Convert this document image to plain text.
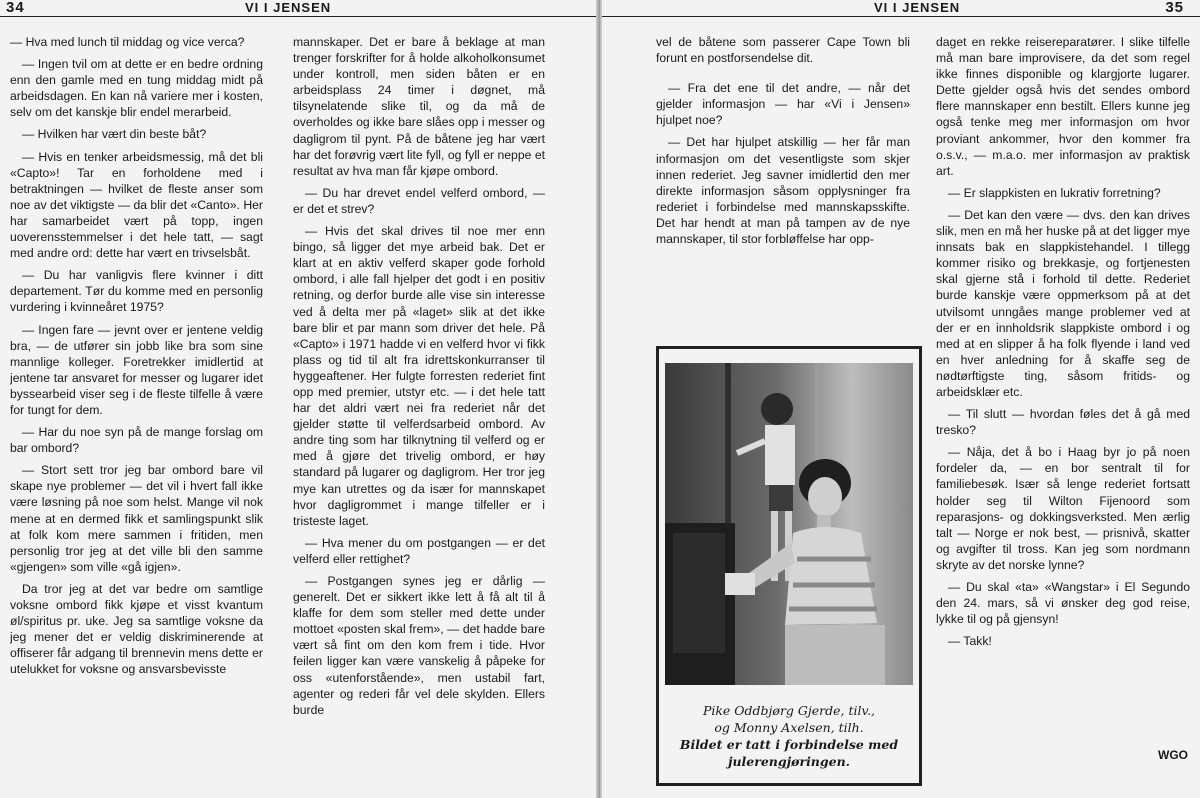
34	VI I JENSEN

— Hva med lunch til middag og vice verca?

— Ingen tvil om at dette er en bedre ordning enn den gamle med en tung middag midt på arbeidsdagen. En kan nå variere mer i kosten, selv om det kanskje blir endel merarbeid.

— Hvilken har vært din beste båt?

— Hvis en tenker arbeidsmessig, må det bli «Capto»! Tar en forholdene med i betraktningen — hvilket de fleste anser som noe av det viktigste — da blir det «Canto». Her har samarbeidet vært på topp, ingen uoverensstemmelser i det hele tatt, — sagt med andre ord: dette har vært en trivselsbåt.

— Du har vanligvis flere kvinner i ditt departement. Tør du komme med en personlig vurdering i kvinneåret 1975?

— Ingen fare — jevnt over er jentene veldig bra, — de utfører sin jobb like bra som sine mannlige kolleger. Foretrekker imidlertid at jentene tar ansvaret for messer og lugarer idet byssearbeid viser seg i de fleste tilfelle å være for tungt for dem.

— Har du noe syn på de mange forslag om bar ombord?

— Stort sett tror jeg bar ombord bare vil skape nye problemer — det vil i hvert fall ikke være løsning på noe som helst. Mange vil nok mene at en dermed fikk et samlingspunkt slik at folk kom mere sammen i fritiden, men personlig tror jeg at det ville bli den samme «gjengen» som ville «gå igjen».

Da tror jeg at det var bedre om samtlige voksne ombord fikk kjøpe et visst kvantum øl/spiritus pr. uke. Jeg sa samtlige voksne da jeg mener det er veldig diskriminerende at offiserer får adgang til brennevin mens dette er utelukket for voksne og ansvarsbevisste

mannskaper. Det er bare å beklage at man trenger forskrifter for å holde alkoholkonsumet under kontroll, men siden båten er en arbeidsplass 24 timer i døgnet, må tilsynelatende slike til, og da må de overholdes og ikke bare slåes opp i messer og dagligrom til pynt. På de båtene jeg har vært har det forøvrig vært lite fyll, og fyll er neppe et resultat av hva man får kjøpe ombord.

— Du har drevet endel velferd ombord, — er det et strev?

— Hvis det skal drives til noe mer enn bingo, så ligger det mye arbeid bak. Det er klart at en aktiv velferd skaper gode forhold ombord, i alle fall hjelper det godt i en positiv retning, og derfor burde alle vise sin interesse ved å delta mer på «laget» slik at det ikke bare blir et par mann som driver det hele. På «Capto» i 1971 hadde vi en velferd hvor vi fikk plass og tid til alt fra idrettskonkurranser til hyggeaftener. Her fulgte forresten rederiet fint opp med premier, utstyr etc. — i det hele tatt har det aldri vært nei fra rederiet når det gjelder støtte til velferdsarbeid ombord. Av andre ting som har tilknytning til velferd og er med å gjøre det trivelig ombord, er høy standard på lugarer og dagligrom. Her tror jeg mye kan utrettes og da især for mannskapet hvor dagligrommet i mange tilfeller er i tristeste laget.

— Hva mener du om postgangen — er det velferd eller rettighet?

— Postgangen synes jeg er dårlig — generelt. Det er sikkert ikke lett å få alt til å klaffe for dem som steller med dette under mottoet «posten skal frem», — det hadde bare vært så fint om den kom frem i tide. Hvor feilen ligger kan være vanskelig å påpeke for oss «utenforstående», men ustabil fart, agenter og rederi får vel dele skylden. Ellers burde

VI I JENSEN	35

vel de båtene som passerer Cape Town bli forunt en postforsendelse dit.

— Fra det ene til det andre, — når det gjelder informasjon — har «Vi i Jensen» hjulpet noe?

— Det har hjulpet atskillig — her får man informasjon om det vesentligste som skjer innen rederiet. Jeg savner imidlertid den mer direkte informasjon såsom opplysninger fra rederiet i forbindelse med mannskapsskifte. Det har hendt at man på tampen av de nye mannskaper, til stor forbløffelse har opp-

Pike Oddbjørg Gjerde, tilv.,
og Monny Axelsen, tilh.
Bildet er tatt i forbindelse med
julerengjøringen.

daget en rekke reisereparatører. I slike tilfelle må man bare improvisere, da det som regel ikke finnes disponible og klargjorte lugarer. Dette gjelder også hvis det sendes ombord flere mannskaper enn bestilt. Ellers kunne jeg også tenke meg mer informasjon om hvor proviant ankommer, hvor den kommer fra o.s.v., — m.a.o. mer informasjon av praktisk art.

— Er slappkisten en lukrativ forretning?

— Det kan den være — dvs. den kan drives slik, men en må her huske på at det ligger mye innsats bak en slappkistehandel. I tillegg kommer risiko og brekkasje, og fortjenesten skal gjerne stå i forhold til dette. Rederiet burde kanskje være oppmerksom på at det utvilsomt unngåes mange problemer ved at der er en innholdsrik slappkiste ombord i og med at en slipper å ha folk flyende i land ved en hver anledning for å skaffe seg de nødtørftigste ting, såsom fritids- og arbeidsklær etc.

— Til slutt — hvordan føles det å gå med tresko?

— Nåja, det å bo i Haag byr jo på noen fordeler da, — en bor sentralt til for familiebesøk. Især så lenge rederiet fortsatt holder seg til Wilton Fijenoord som reparasjons- og dokkingsverksted. Men ærlig talt — Norge er nok best, — prisnivå, skatter og avgifter til tross. Kan jeg som nordmann skryte av det norske lynne?

— Du skal «ta» «Wangstar» i El Segundo den 24. mars, så vi ønsker deg god reise, lykke til og på gjensyn!

— Takk!

WGO
